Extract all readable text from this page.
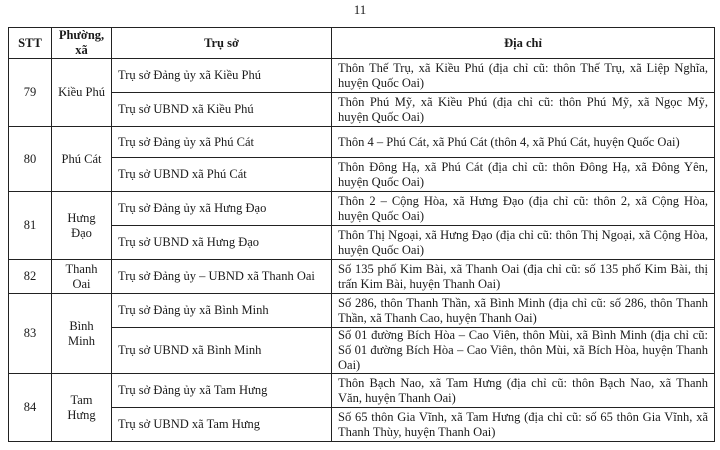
11
STT	Phường, xã	Trụ sở	Địa chỉ
79	Kiều Phú	Trụ sở Đảng ủy xã Kiều Phú	Thôn Thế Trụ, xã Kiều Phú (địa chỉ cũ: thôn Thế Trụ, xã Liệp Nghĩa, huyện Quốc Oai)
		Trụ sở UBND xã Kiều Phú	Thôn Phú Mỹ, xã Kiều Phú (địa chỉ cũ: thôn Phú Mỹ, xã Ngọc Mỹ, huyện Quốc Oai)
80	Phú Cát	Trụ sở Đảng ủy xã Phú Cát	Thôn 4 – Phú Cát, xã Phú Cát (thôn 4, xã Phú Cát, huyện Quốc Oai)
		Trụ sở UBND xã Phú Cát	Thôn Đông Hạ, xã Phú Cát (địa chỉ cũ: thôn Đông Hạ, xã Đông Yên, huyện Quốc Oai)
81	Hưng Đạo	Trụ sở Đảng ủy xã Hưng Đạo	Thôn 2 – Cộng Hòa, xã Hưng Đạo (địa chỉ cũ: thôn 2, xã Cộng Hòa, huyện Quốc Oai)
		Trụ sở UBND xã Hưng Đạo	Thôn Thị Ngoại, xã Hưng Đạo (địa chỉ cũ: thôn Thị Ngoại, xã Cộng Hòa, huyện Quốc Oai)
82	Thanh Oai	Trụ sở Đảng ủy – UBND xã Thanh Oai	Số 135 phố Kim Bài, xã Thanh Oai (địa chỉ cũ: số 135 phố Kim Bài, thị trấn Kim Bài, huyện Thanh Oai)
83	Bình Minh	Trụ sở Đảng ủy xã Bình Minh	Số 286, thôn Thanh Thần, xã Bình Minh (địa chỉ cũ: số 286, thôn Thanh Thần, xã Thanh Cao, huyện Thanh Oai)
		Trụ sở UBND xã Bình Minh	Số 01 đường Bích Hòa – Cao Viên, thôn Mùi, xã Bình Minh (địa chỉ cũ: Số 01 đường Bích Hòa – Cao Viên, thôn Mùi, xã Bích Hòa, huyện Thanh Oai)
84	Tam Hưng	Trụ sở Đảng ủy xã Tam Hưng	Thôn Bạch Nao, xã Tam Hưng (địa chỉ cũ: thôn Bạch Nao, xã Thanh Văn, huyện Thanh Oai)
		Trụ sở UBND xã Tam Hưng	Số 65 thôn Gia Vĩnh, xã Tam Hưng (địa chỉ cũ: số 65 thôn Gia Vĩnh, xã Thanh Thùy, huyện Thanh Oai)
